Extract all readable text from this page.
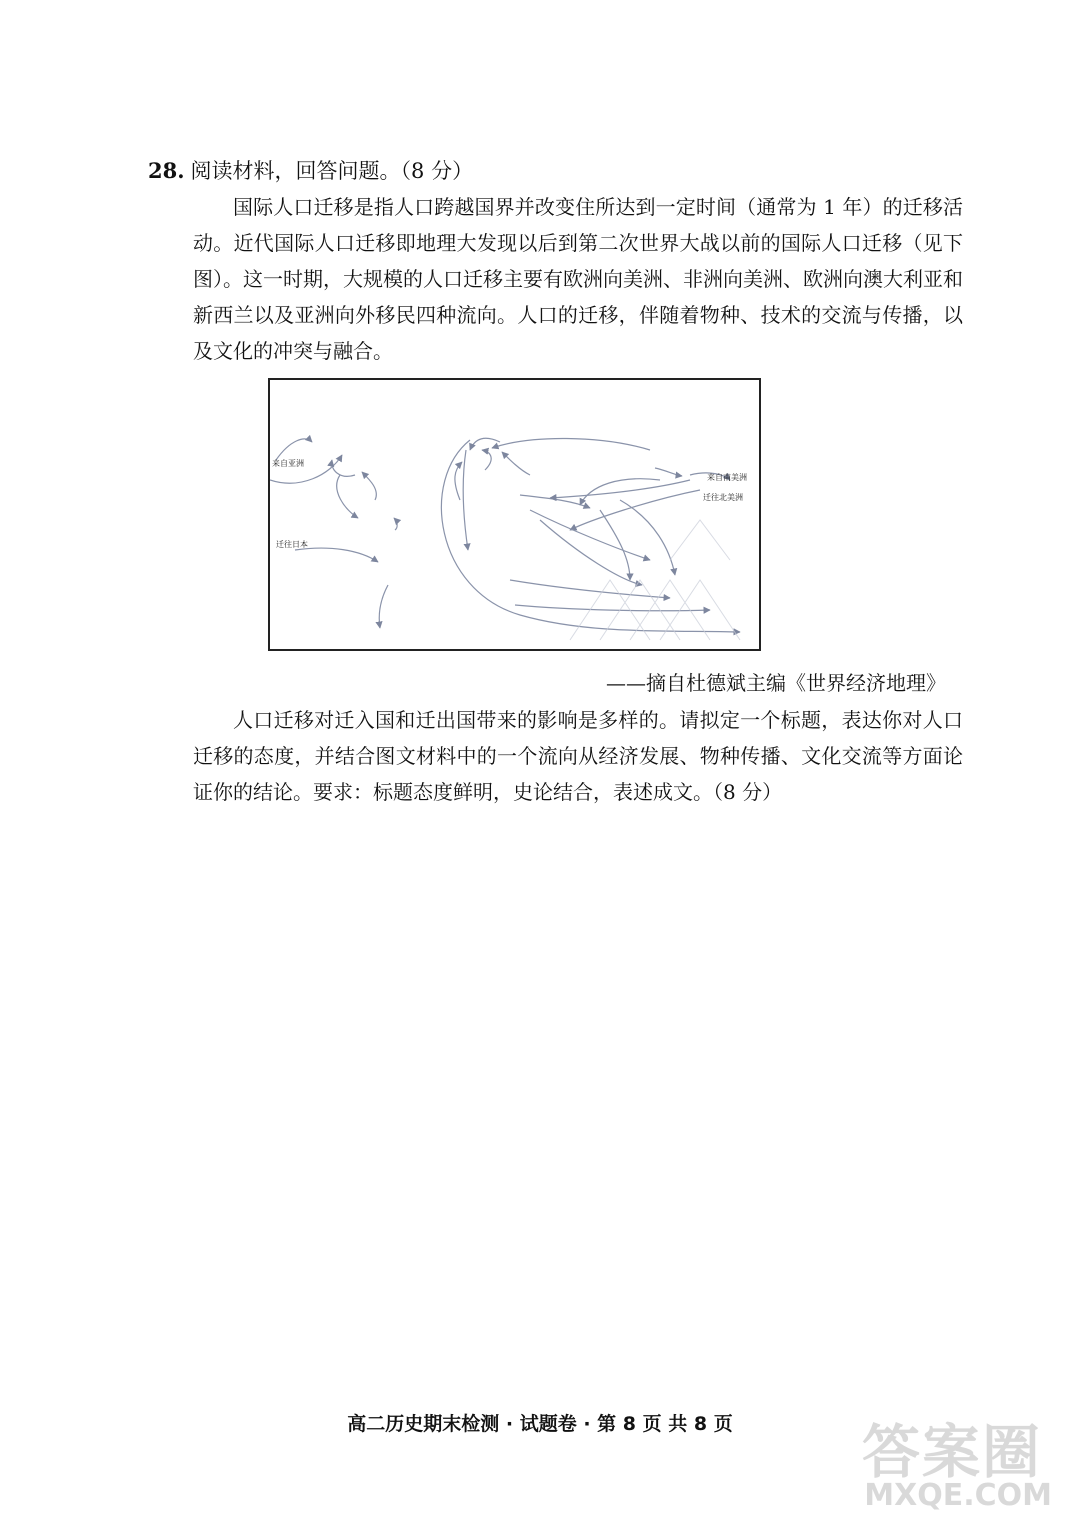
28. 阅读材料，回答问题。（8 分）
国际人口迁移是指人口跨越国界并改变住所达到一定时间（通常为 1 年）的迁移活动。近代国际人口迁移即地理大发现以后到第二次世界大战以前的国际人口迁移（见下图）。这一时期，大规模的人口迁移主要有欧洲向美洲、非洲向美洲、欧洲向澳大利亚和新西兰以及亚洲向外移民四种流向。人口的迁移，伴随着物种、技术的交流与传播，以及文化的冲突与融合。
来自亚洲
迁往日本
来自南美洲
迁往北美洲
——摘自杜德斌主编《世界经济地理》
人口迁移对迁入国和迁出国带来的影响是多样的。请拟定一个标题，表达你对人口迁移的态度，并结合图文材料中的一个流向从经济发展、物种传播、文化交流等方面论证你的结论。要求：标题态度鲜明，史论结合，表述成文。（8 分）
高二历史期末检测 · 试题卷 · 第 8 页 共 8 页	答案圈
MXQE.COM
